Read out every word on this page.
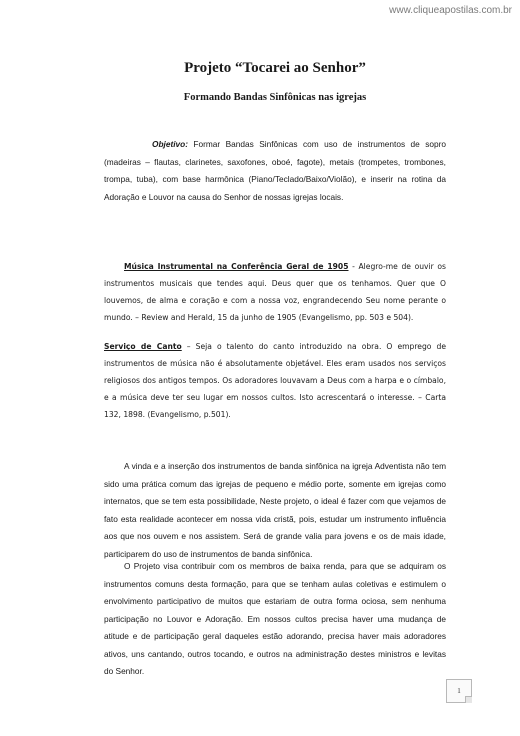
www.cliqueapostilas.com.br
Projeto “Tocarei ao Senhor”
Formando Bandas Sinfônicas nas igrejas

Objetivo: Formar Bandas Sinfônicas com uso de instrumentos de sopro (madeiras – flautas, clarinetes, saxofones, oboé, fagote), metais (trompetes, trombones, trompa, tuba), com base harmônica (Piano/Teclado/Baixo/Violão), e inserir na rotina da Adoração e Louvor na causa do Senhor de nossas igrejas locais.

Música Instrumental na Conferência Geral de 1905 - Alegro-me de ouvir os instrumentos musicais que tendes aqui. Deus quer que os tenhamos. Quer que O louvemos, de alma e coração e com a nossa voz, engrandecendo Seu nome perante o mundo. – Review and Herald, 15 da junho de 1905 (Evangelismo, pp. 503 e 504).

Serviço de Canto – Seja o talento do canto introduzido na obra. O emprego de instrumentos de música não é absolutamente objetável. Eles eram usados nos serviços religiosos dos antigos tempos. Os adoradores louvavam a Deus com a harpa e o címbalo, e a música deve ter seu lugar em nossos cultos. Isto acrescentará o interesse. – Carta 132, 1898. (Evangelismo, p.501).

A vinda e a inserção dos instrumentos de banda sinfônica na igreja Adventista não tem sido uma prática comum das igrejas de pequeno e médio porte, somente em igrejas como internatos, que se tem esta possibilidade, Neste projeto, o ideal é fazer com que vejamos de fato esta realidade acontecer em nossa vida cristã, pois, estudar um instrumento influência aos que nos ouvem e nos assistem. Será de grande valia para jovens e os de mais idade, participarem do uso de instrumentos de banda sinfônica.

O Projeto visa contribuir com os membros de baixa renda, para que se adquiram os instrumentos comuns desta formação, para que se tenham aulas coletivas e estimulem o envolvimento participativo de muitos que estariam de outra forma ociosa, sem nenhuma participação no Louvor e Adoração. Em nossos cultos precisa haver uma mudança de atitude e de participação geral daqueles estão adorando, precisa haver mais adoradores ativos, uns cantando, outros tocando, e outros na administração destes ministros e levitas do Senhor.

1
